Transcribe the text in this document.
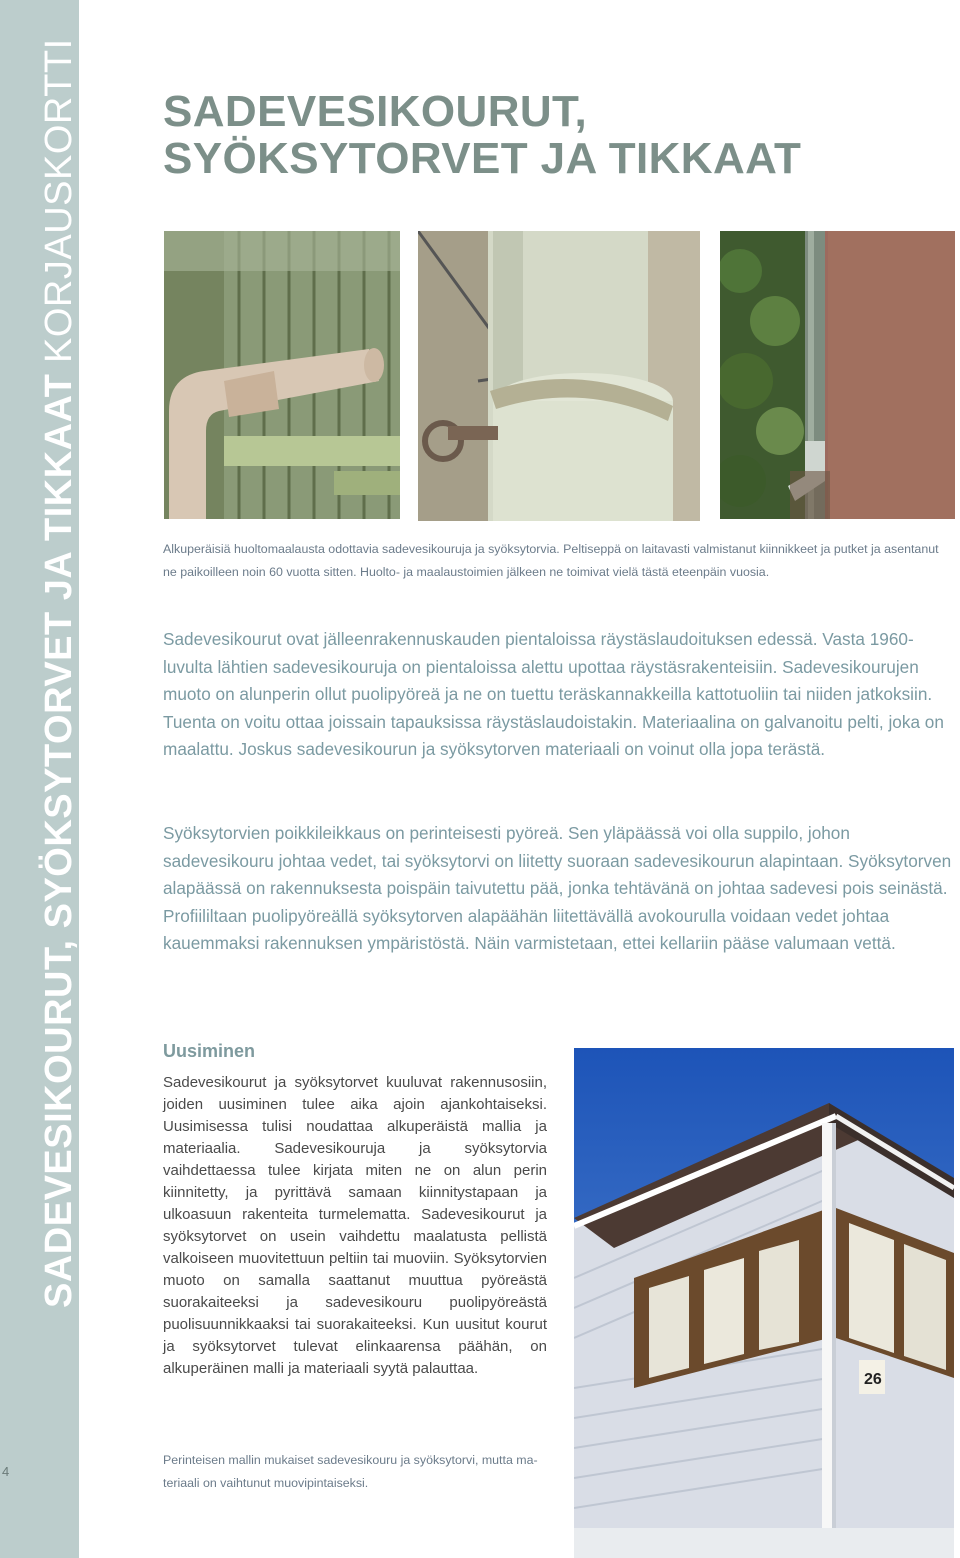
SADEVESIKOURUT, SYÖKSYTORVET JA TIKKAAT KORJAUSKORTTI
4
SADEVESIKOURUT, SYÖKSYTORVET JA TIKKAAT
Alkuperäisiä huoltomaalausta odottavia sadevesikouruja ja syöksytorvia. Peltiseppä on laitavasti valmistanut kiinnikkeet ja putket ja asentanut
ne paikoilleen noin 60 vuotta sitten. Huolto- ja maalaustoimien jälkeen ne toimivat vielä tästä eteenpäin vuosia.

Sadevesikourut ovat jälleenrakennuskauden pientaloissa räystäslaudoituksen edessä. Vasta 1960-luvulta lähtien sadevesikouruja on pientaloissa alettu upottaa räystäsrakenteisiin. Sadevesikourujen muoto on alunperin ollut puolipyöreä ja ne on tuettu teräskannakkeilla kattotuoliin tai niiden jatkoksiin. Tuenta on voitu ottaa joissain tapauksissa räystäslaudoistakin. Materiaalina on galvanoitu pelti, joka on maalattu. Joskus sadevesikourun ja syöksytorven materiaali on voinut olla jopa terästä.

Syöksytorvien poikkileikkaus on perinteisesti pyöreä. Sen yläpäässä voi olla suppilo, johon sadevesikouru johtaa vedet, tai syöksytorvi on liitetty suoraan sadevesikourun alapintaan. Syöksytorven alapäässä on rakennuksesta poispäin taivutettu pää, jonka tehtävänä on johtaa sadevesi pois seinästä. Profiililtaan puolipyöreällä syöksytorven alapäähän liitettävällä avokourulla voidaan vedet johtaa kauemmaksi rakennuksen ympäristöstä. Näin varmistetaan, ettei kellariin pääse valumaan vettä.

Uusiminen

Sadevesikourut ja syöksytorvet kuuluvat rakennusosiin, joiden uusiminen tulee aika ajoin ajankohtaiseksi. Uusimisessa tulisi noudattaa alkuperäistä mallia ja materiaalia. Sadevesikouruja ja syöksytorvia vaihdettaessa tulee kirjata miten ne on alun perin kiinnitetty, ja pyrittävä samaan kiinnitystapaan ja ulkoasuun rakenteita turmelematta. Sadevesikourut ja syöksytorvet on usein vaihdettu maalatusta pellistä valkoiseen muovitettuun peltiin tai muoviin. Syöksytorvien muoto on samalla saattanut muuttua pyöreästä suorakaiteeksi ja sadevesikouru puolipyöreästä puolisuunnikkaaksi tai suorakaiteeksi. Kun uusitut kourut ja syöksytorvet tulevat elinkaarensa päähän, on alkuperäinen malli ja materiaali syytä palauttaa.

26
Perinteisen mallin mukaiset sadevesikouru ja syöksytorvi, mutta ma-
teriaali on vaihtunut muovipintaiseksi.
